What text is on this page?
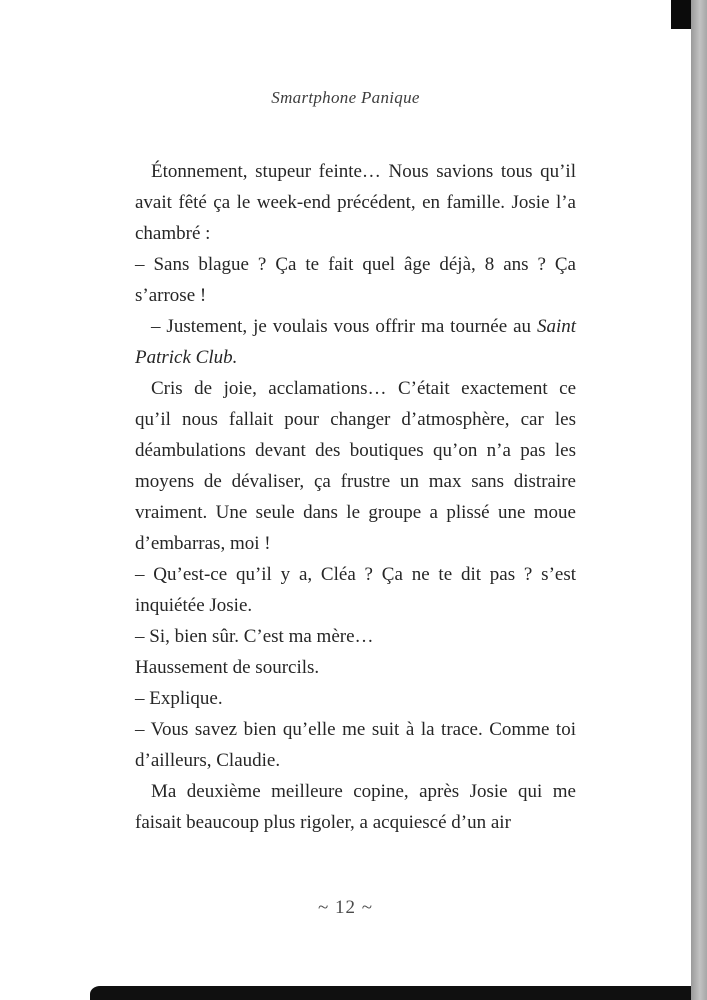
Smartphone Panique

Étonnement, stupeur feinte… Nous savions tous qu’il avait fêté ça le week-end précédent, en famille. Josie l’a chambré :

– Sans blague ? Ça te fait quel âge déjà, 8 ans ? Ça s’arrose !

– Justement, je voulais vous offrir ma tournée au Saint Patrick Club.

Cris de joie, acclamations… C’était exactement ce qu’il nous fallait pour changer d’atmosphère, car les déambulations devant des boutiques qu’on n’a pas les moyens de dévaliser, ça frustre un max sans distraire vraiment. Une seule dans le groupe a plissé une moue d’embarras, moi !

– Qu’est-ce qu’il y a, Cléa ? Ça ne te dit pas ? s’est inquiétée Josie.

– Si, bien sûr. C’est ma mère…

Haussement de sourcils.

– Explique.

– Vous savez bien qu’elle me suit à la trace. Comme toi d’ailleurs, Claudie.

Ma deuxième meilleure copine, après Josie qui me faisait beaucoup plus rigoler, a acquiescé d’un air

~ 12 ~
